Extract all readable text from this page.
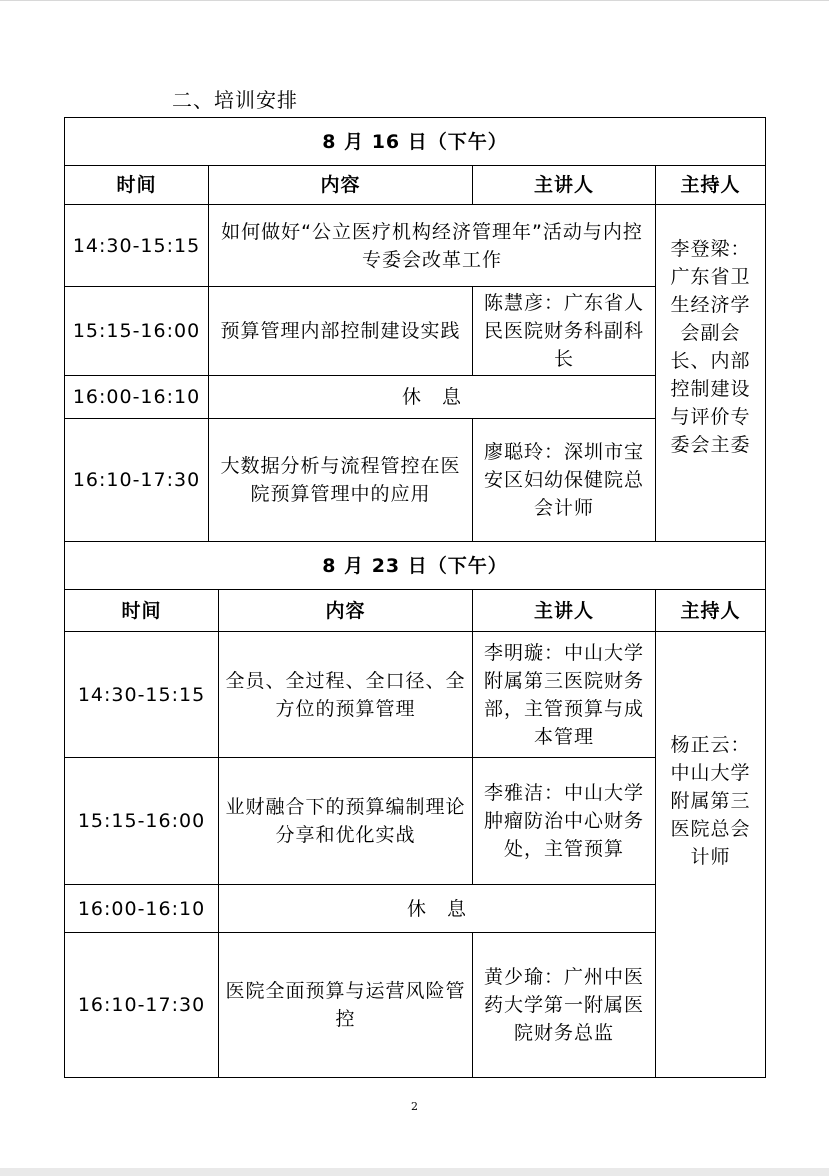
二、培训安排
8 月 16 日（下午）			
时间	内容	主讲人	主持人
14:30-15:15	如何做好“公立医疗机构经济管理年”活动与内控专委会改革工作		李登梁：广东省卫生经济学会副会长、内部控制建设与评价专委会主委
15:15-16:00	预算管理内部控制建设实践	陈慧彦：广东省人民医院财务科副科长	
16:00-16:10	休　息		
16:10-17:30	大数据分析与流程管控在医院预算管理中的应用	廖聪玲：深圳市宝安区妇幼保健院总会计师	
8 月 23 日（下午）			
时间	内容	主讲人	主持人
14:30-15:15	全员、全过程、全口径、全方位的预算管理	李明璇：中山大学附属第三医院财务部，主管预算与成本管理	杨正云：中山大学附属第三医院总会计师
15:15-16:00	业财融合下的预算编制理论分享和优化实战	李雅洁：中山大学肿瘤防治中心财务处，主管预算	
16:00-16:10	休　息		
16:10-17:30	医院全面预算与运营风险管控	黄少瑜：广州中医药大学第一附属医院财务总监	
2
